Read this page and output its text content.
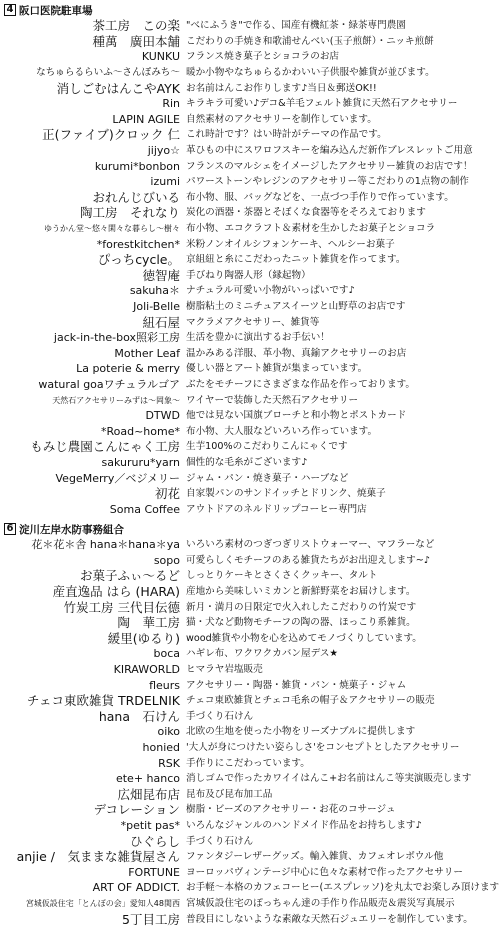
4 阪口医院駐車場
茶工房　この楽 "べにふうき"で作る、国産有機紅茶・緑茶専門農園
種萬　廣田本舗 こだわりの手焼き和歌浦せんべい(玉子煎餅）・ニッキ煎餅
KUNKU フランス焼き菓子とショコラのお店
なちゅらるらいふ～さんぽみち～ 暖か小物やなちゅらるかわいい子供服や雑貨が並びます。
消しごむはんこやAYK お名前はんこお作りします♪当日＆郵送OK!!
Rin キラキラ可愛い♪デコ&羊毛フェルト雑貨に天然石アクセサリー
LAPIN AGILE 自然素材のアクセサリーを制作しています。
正(ファイブ)クロック 仁 これ時計です？はい時計がテーマの作品です。
jijyo☆ 革ひもの中にスワロフスキーを編み込んだ新作ブレスレットご用意
kurumi*bonbon フランスのマルシェをイメージしたアクセサリー雑貨のお店です！
izumi パワーストーンやレジンのアクセサリー等こだわりの1点物の制作
おれんじびいる 布小物、服、バッグなどを、一点づつ手作りで作っています。
陶工房　それなり 炭化の酒器・茶器とそぼくな食器等をそろえております
ゆうかん堂～悠々閑々な暮らし～樹々 布小物、エコクラフト＆素材を生かしたお菓子とショコラ
*forestkitchen* 米粉ノンオイルシフォンケーキ、ヘルシーお菓子
ぴっちcycle。 京組紐と糸にこだわったニット雑貨を作ってます。
徳智庵 手びねり陶器人形（縁起物）
sakuha＊ ナチュラル可愛い小物がいっぱいです♪
Joli-Belle 樹脂粘土のミニチュアスイーツと山野草のお店です
紐石屋 マクラメアクセサリー、雑貨等
jack-in-the-box照彩工房 生活を豊かに演出するお手伝い！
Mother Leaf 温かみある洋服、革小物、真鍮アクセサリーのお店
La poterie & merry 優しい器とアート雑貨が集まっています。
watural goaワチュラルゴア ぶたをモチーフにさまざまな作品を作っております。
天然石アクセサリーみずは～岡象～ ワイヤーで装飾した天然石アクセサリー
DTWD 他では見ない国旗ブローチと和小物とポストカード
*Road~home* 布小物、大人服などいろいろ作っています。
もみじ農園こんにゃく工房 生芋100%のこだわりこんにゃくです
sakururu*yarn 個性的な毛糸がございます♪
VegeMerry／ベジメリー ジャム・パン・焼き菓子・ハーブなど
初花 自家製パンのサンドイッチとドリンク、焼菓子
Soma Coffee アウトドアのネルドリップコーヒー専門店
6 淀川左岸水防事務組合
花＊花＊舎 hana＊hana＊ya いろいろ素材のつぎつぎリストウォーマー、マフラーなど
sopo 可愛らしくモチーフのある雑貨たちがお出迎えします~♪
お菓子ふぃ～るど しっとりケーキとさくさくクッキー、タルト
産直逸品 はら (HARA) 産地から美味しいミカンと新鮮野菜をお届けします。
竹炭工房 三代目伝德 新月・満月の日限定で火入れしたこだわりの竹炭です
陶　華工房 猫・犬など動物モチーフの陶の器、ほっこり系雑貨。
緩里(ゆるり) wood雑貨や小物を心を込めてモノづくりしています。
boca ハギレ布、ワクワクカバン屋デス★
KIRAWORLD ヒマラヤ岩塩販売
fleurs アクセサリー・陶器・雑貨・パン・焼菓子・ジャム
チェコ東欧雑貨 TRDELNIK チェコ東欧雑貨とチェコ毛糸の帽子＆アクセサリーの販売
hana　石けん 手づくり石けん
oiko 北欧の生地を使った小物をリーズナブルに提供します
honied '大人が身につけたい姿らしさ'をコンセプトとしたアクセサリー
RSK 手作りにこだわっています。
ete+ hanco 消しゴムで作ったカワイイはんこ+お名前はんこ等実演販売します
広畑昆布店 昆布及び昆布加工品
デコレーション 樹脂・ビーズのアクセサリー・お花のコサージュ
*petit pas* いろんなジャンルのハンドメイド作品をお持ちします♪
ひぐらし 手づくり石けん
anjie /　気ままな雑貨屋さん ファンタジーレザーグッズ。輸入雑貨、カフェオレボウル他
FORTUNE ヨーロッパヴィンテージ中心に色々な素材で作ったアクセサリー
ART OF ADDICT. お手軽～本格のカフェコーヒー(エスプレッソ)を丸太でお楽しみ頂けます
宮城仮設住宅「とんぼの会」愛知人48関西 宮城仮設住宅のぽっちゃん達の手作り作品販売＆震災写真展示
5丁目工房 普段目にしないような素敵な天然石ジュエリーを制作しています。
